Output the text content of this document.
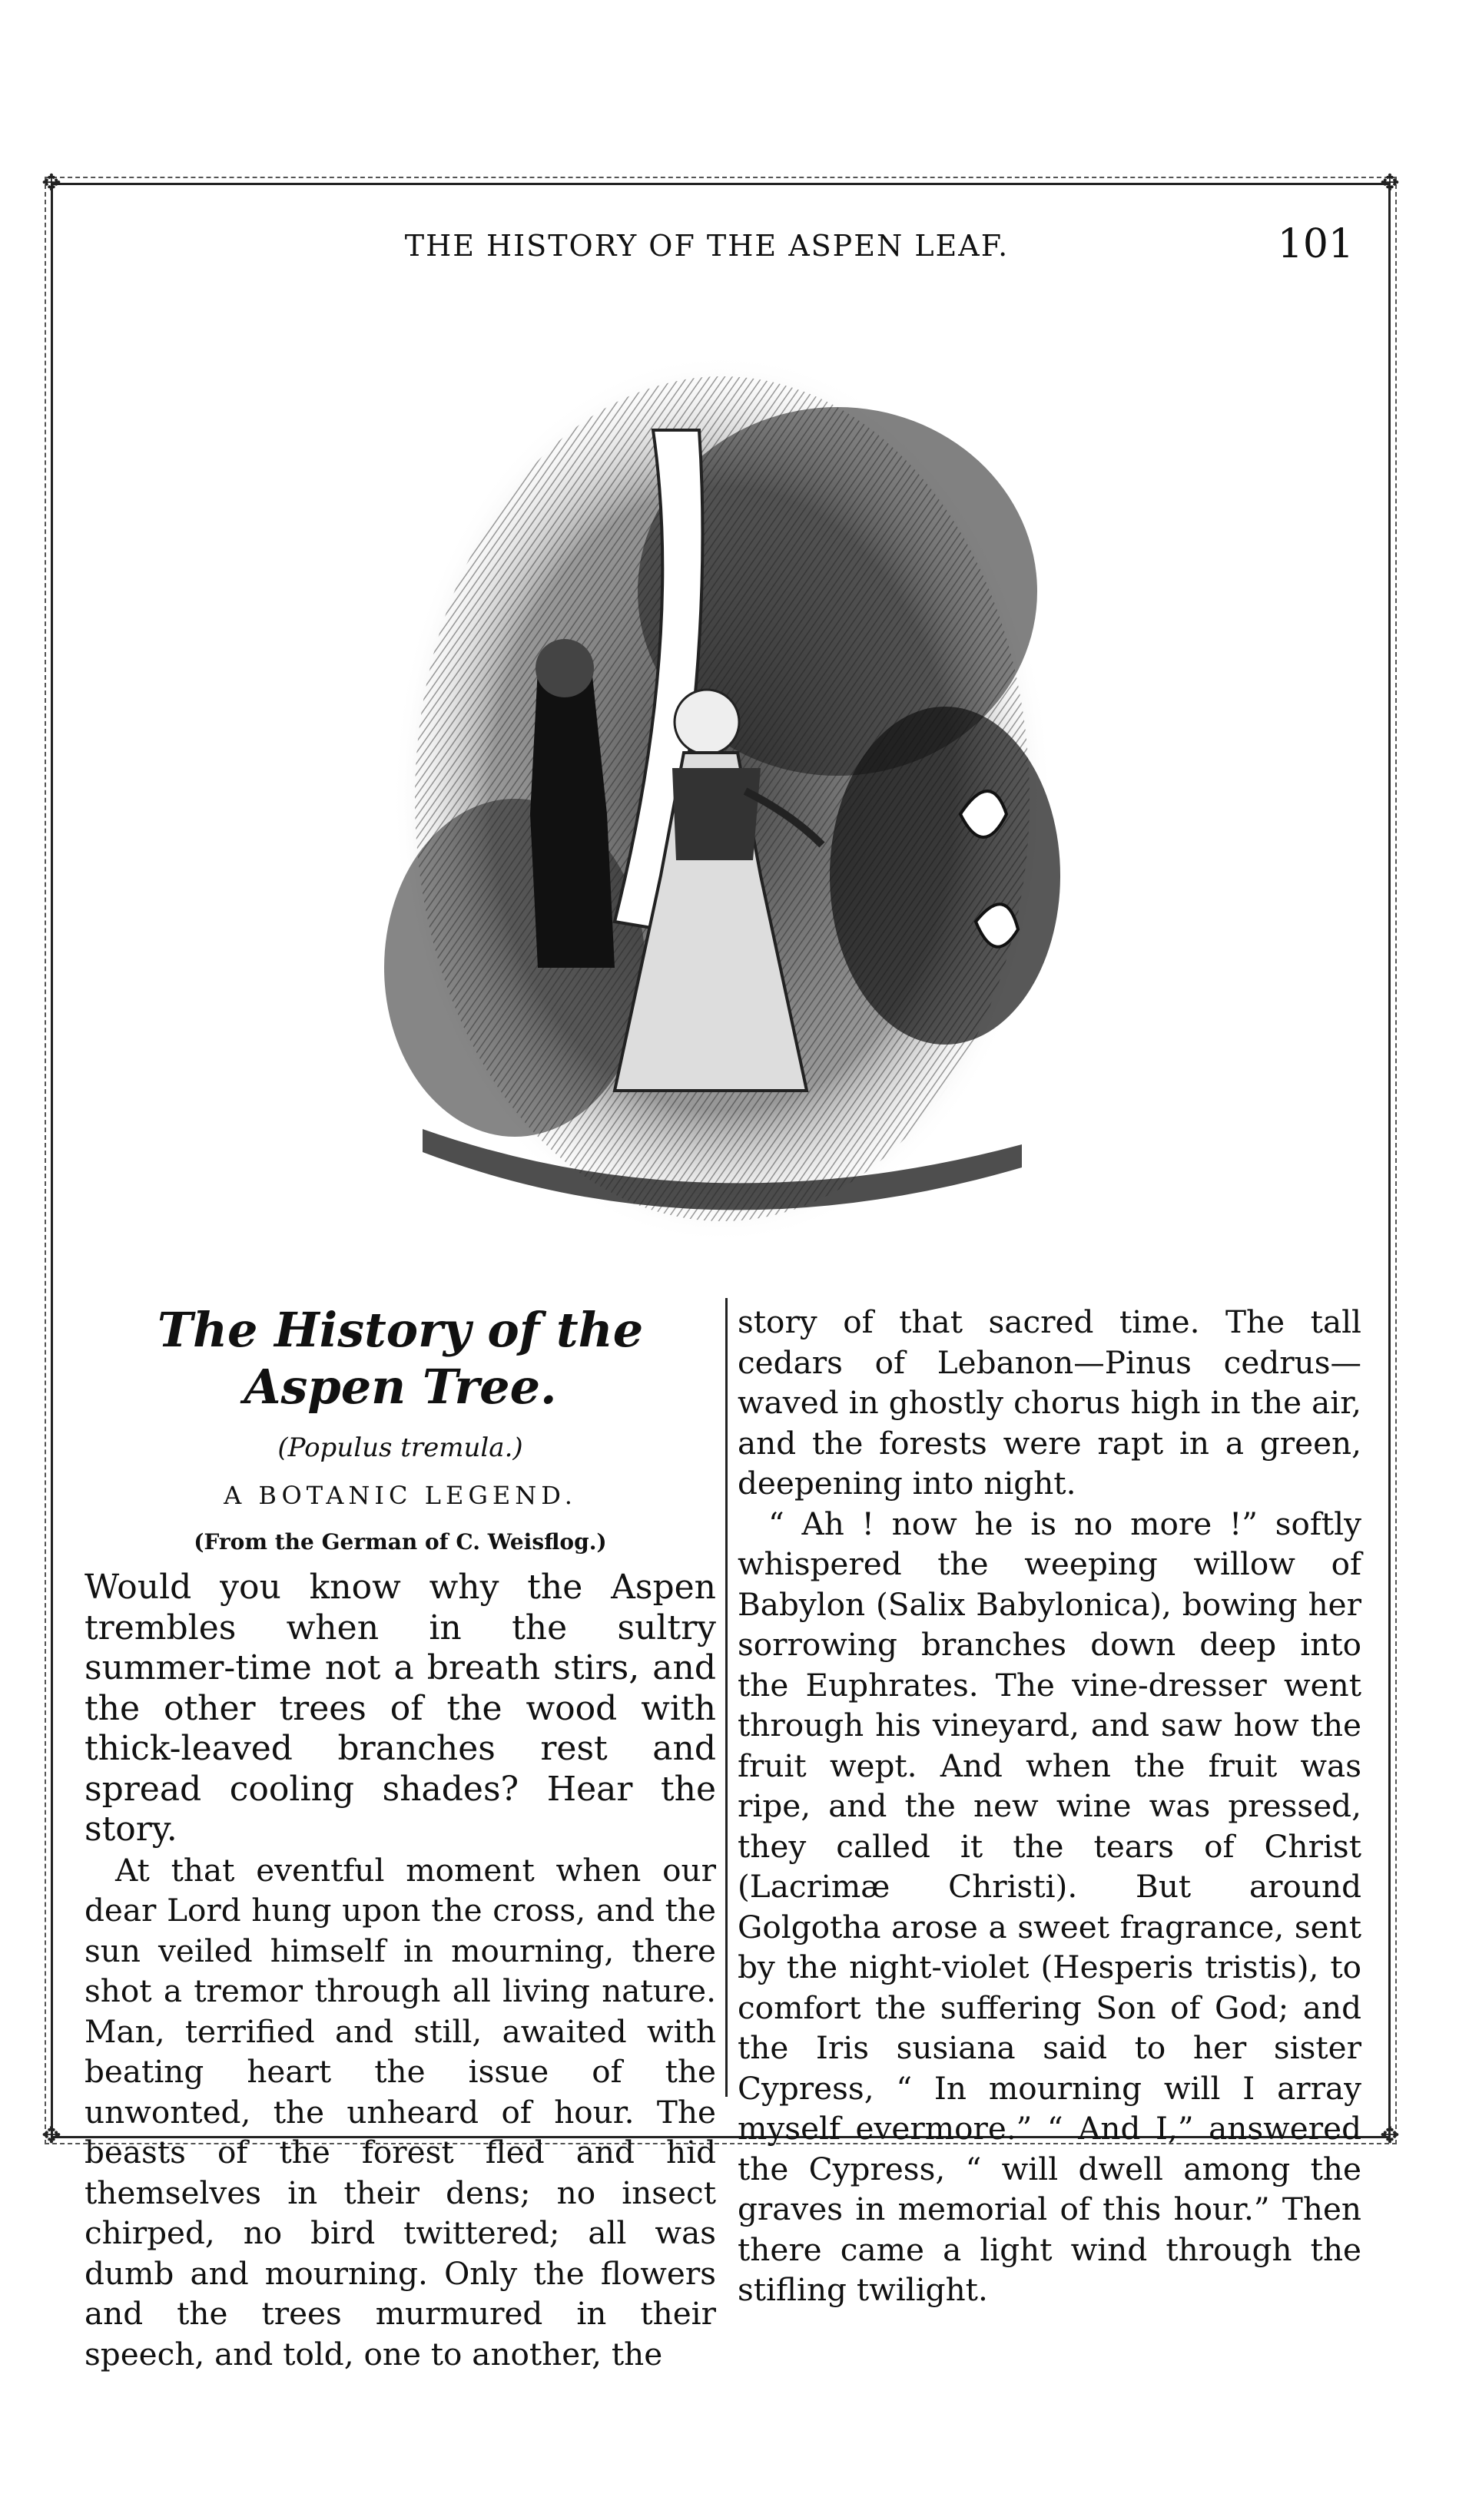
✥	✥
✥	✥
THE HISTORY OF THE ASPEN LEAF.	101
The History of the Aspen Tree.
(Populus tremula.)
A BOTANIC LEGEND.
(From the German of C. Weisflog.)

Would you know why the Aspen trembles when in the sultry summer-time not a breath stirs, and the other trees of the wood with thick-leaved branches rest and spread cooling shades? Hear the story.

At that eventful moment when our dear Lord hung upon the cross, and the sun veiled himself in mourning, there shot a tremor through all living nature. Man, terrified and still, awaited with beating heart the issue of the unwonted, the unheard of hour. The beasts of the forest fled and hid themselves in their dens; no insect chirped, no bird twittered; all was dumb and mourning. Only the flowers and the trees murmured in their speech, and told, one to another, the

story of that sacred time. The tall cedars of Lebanon—Pinus cedrus—waved in ghostly chorus high in the air, and the forests were rapt in a green, deepening into night.

“ Ah ! now he is no more !” softly whispered the weeping willow of Babylon (Salix Babylonica), bowing her sorrowing branches down deep into the Euphrates. The vine-dresser went through his vineyard, and saw how the fruit wept. And when the fruit was ripe, and the new wine was pressed, they called it the tears of Christ (Lacrimæ Christi). But around Golgotha arose a sweet fragrance, sent by the night-violet (Hesperis tristis), to comfort the suffering Son of God; and the Iris susiana said to her sister Cypress, “ In mourning will I array myself evermore.” “ And I,” answered the Cypress, “ will dwell among the graves in memorial of this hour.” Then there came a light wind through the stifling twilight.
